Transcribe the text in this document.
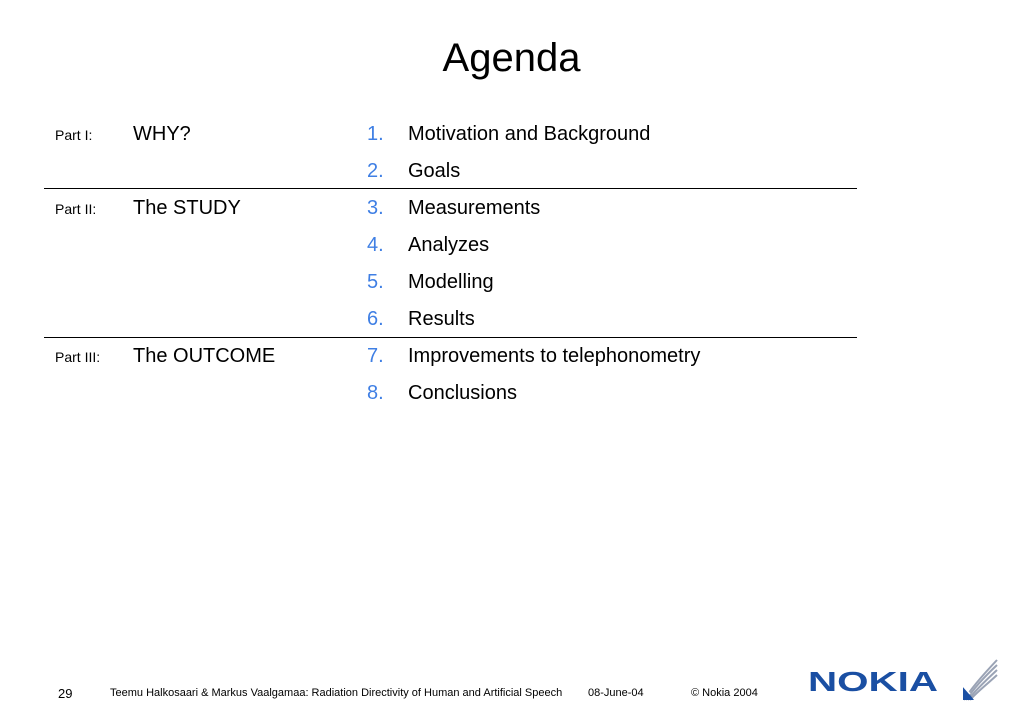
Agenda
Part I: WHY?	1. Motivation and Background
2. Goals
Part II: The STUDY	3. Measurements
4. Analyzes
5. Modelling
6. Results
Part III: The OUTCOME	7. Improvements to telephonometry
8. Conclusions
29	Teemu Halkosaari & Markus Vaalgamaa: Radiation Directivity of Human and Artificial Speech 08-June-04	© Nokia 2004 NOKIA
